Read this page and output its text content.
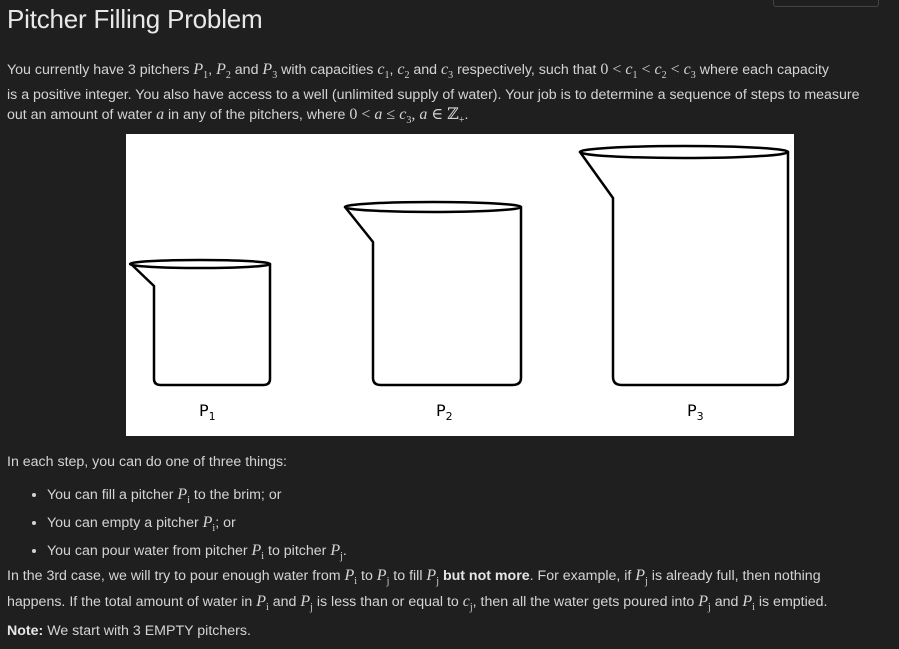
Pitcher Filling Problem
You currently have 3 pitchers $P_1$, $P_2$ and $P_3$ with capacities $c_1$, $c_2$ and $c_3$ respectively, such that $0 < c_1 < c_2 < c_3$ where each capacity
is a positive integer. You also have access to a well (unlimited supply of water). Your job is to determine a sequence of steps to measure
out an amount of water a in any of the pitchers, where $0 < a \le c_3$, a ∈ ℤ$_+$.
$P_1$	$P_2$	$P_3$

In each step, you can do one of three things:

• You can fill a pitcher $P_i$ to the brim; or
• You can empty a pitcher $P_i$; or
• You can pour water from pitcher $P_i$ to pitcher $P_j$.

In the 3rd case, we will try to pour enough water from $P_i$ to $P_j$ to fill $P_j$ but not more. For example, if $P_j$ is already full, then nothing
happens. If the total amount of water in $P_i$ and $P_j$ is less than or equal to $c_j$, then all the water gets poured into $P_j$ and $P_i$ is emptied.

Note: We start with 3 EMPTY pitchers.
